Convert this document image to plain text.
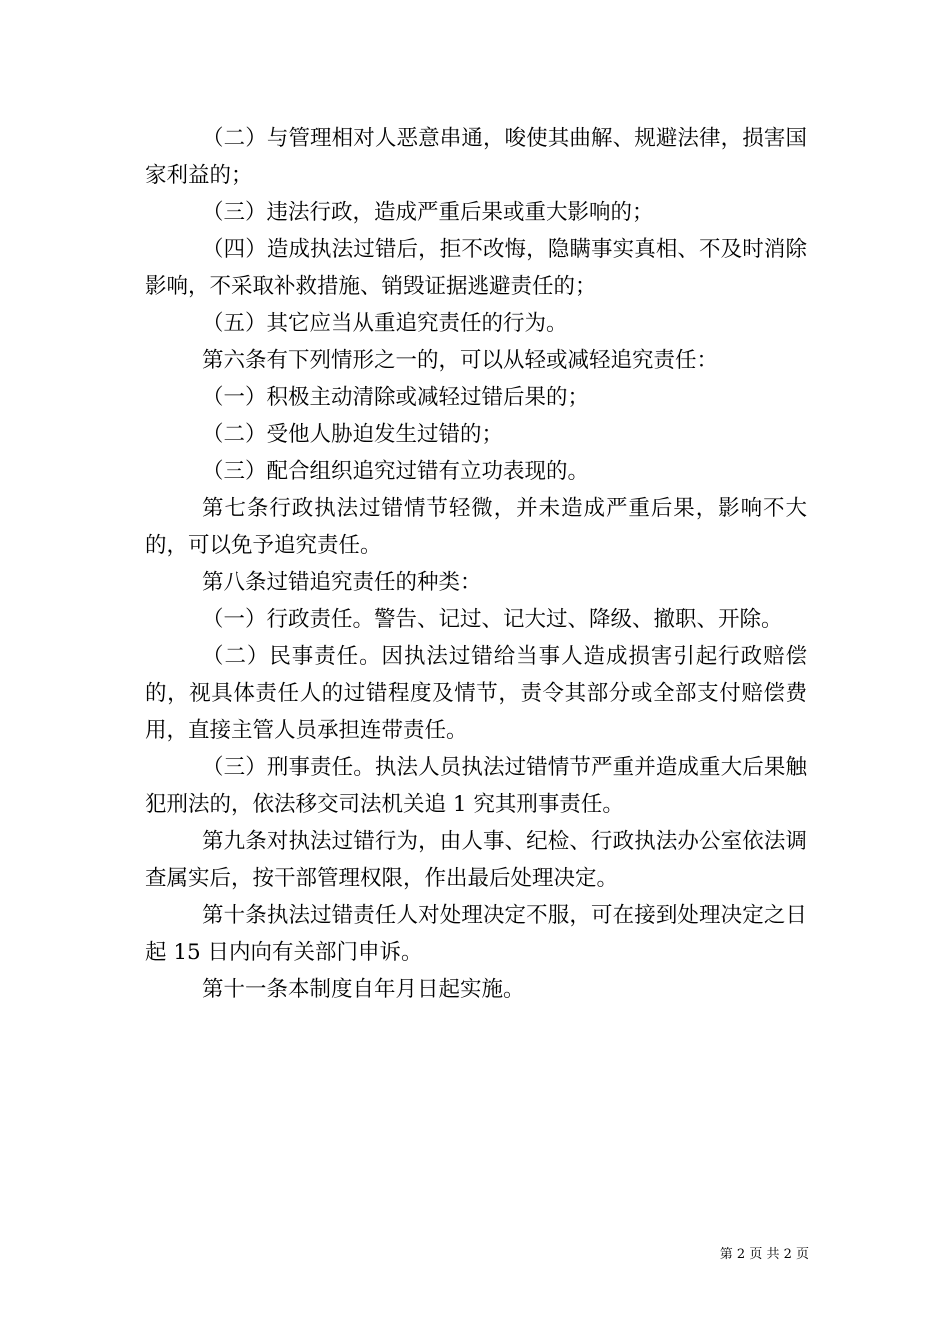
（二）与管理相对人恶意串通，唆使其曲解、规避法律，损害国家利益的；

（三）违法行政，造成严重后果或重大影响的；

（四）造成执法过错后，拒不改悔，隐瞒事实真相、不及时消除影响，不采取补救措施、销毁证据逃避责任的；

（五）其它应当从重追究责任的行为。

第六条有下列情形之一的，可以从轻或减轻追究责任：

（一）积极主动清除或减轻过错后果的；

（二）受他人胁迫发生过错的；

（三）配合组织追究过错有立功表现的。

第七条行政执法过错情节轻微，并未造成严重后果，影响不大的，可以免予追究责任。

第八条过错追究责任的种类：

（一）行政责任。警告、记过、记大过、降级、撤职、开除。

（二）民事责任。因执法过错给当事人造成损害引起行政赔偿的，视具体责任人的过错程度及情节，责令其部分或全部支付赔偿费用，直接主管人员承担连带责任。

（三）刑事责任。执法人员执法过错情节严重并造成重大后果触犯刑法的，依法移交司法机关追 1 究其刑事责任。

第九条对执法过错行为，由人事、纪检、行政执法办公室依法调查属实后，按干部管理权限，作出最后处理决定。

第十条执法过错责任人对处理决定不服，可在接到处理决定之日起 15 日内向有关部门申诉。

第十一条本制度自年月日起实施。

第 2 页 共 2 页
